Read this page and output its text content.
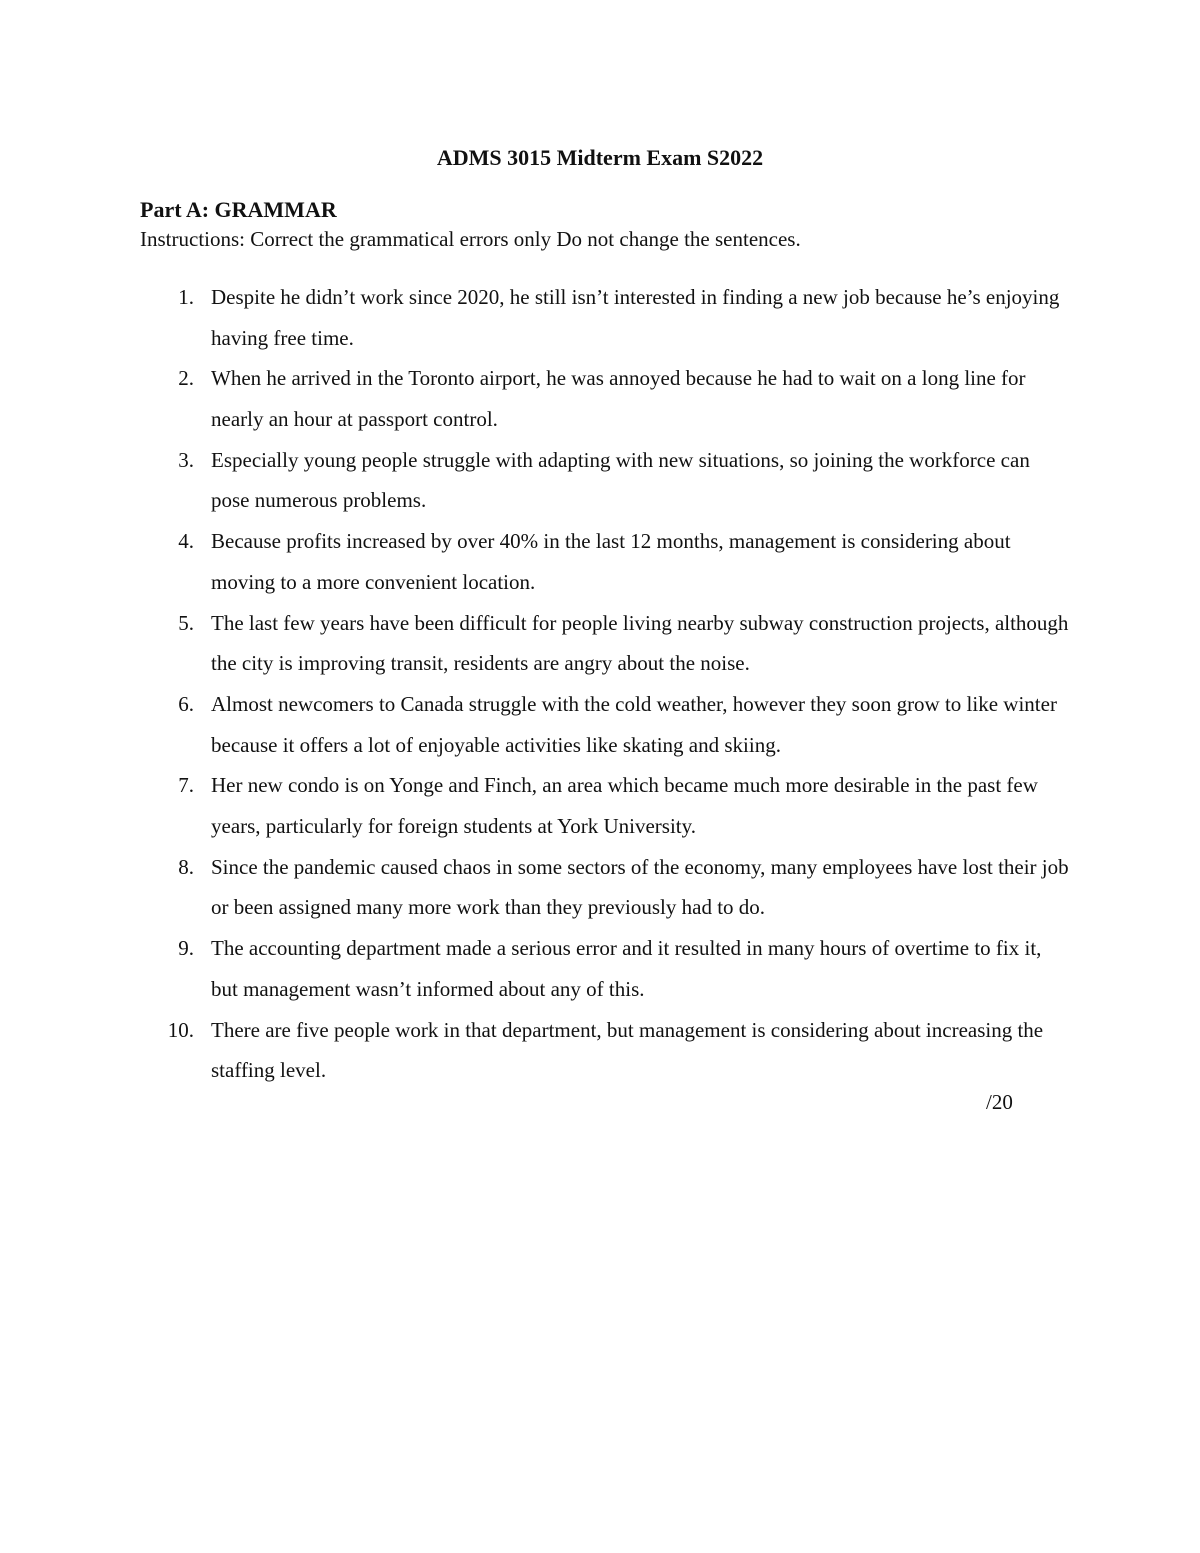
ADMS 3015 Midterm Exam S2022
Part A: GRAMMAR

Instructions: Correct the grammatical errors only Do not change the sentences.

1. Despite he didn’t work since 2020, he still isn’t interested in finding a new job because he’s enjoying having free time.
2. When he arrived in the Toronto airport, he was annoyed because he had to wait on a long line for nearly an hour at passport control.
3. Especially young people struggle with adapting with new situations, so joining the workforce can pose numerous problems.
4. Because profits increased by over 40% in the last 12 months, management is considering about moving to a more convenient location.
5. The last few years have been difficult for people living nearby subway construction projects, although the city is improving transit, residents are angry about the noise.
6. Almost newcomers to Canada struggle with the cold weather, however they soon grow to like winter because it offers a lot of enjoyable activities like skating and skiing.
7. Her new condo is on Yonge and Finch, an area which became much more desirable in the past few years, particularly for foreign students at York University.
8. Since the pandemic caused chaos in some sectors of the economy, many employees have lost their job or been assigned many more work than they previously had to do.
9. The accounting department made a serious error and it resulted in many hours of overtime to fix it, but management wasn’t informed about any of this.
10. There are five people work in that department, but management is considering about increasing the staffing level.

/20
